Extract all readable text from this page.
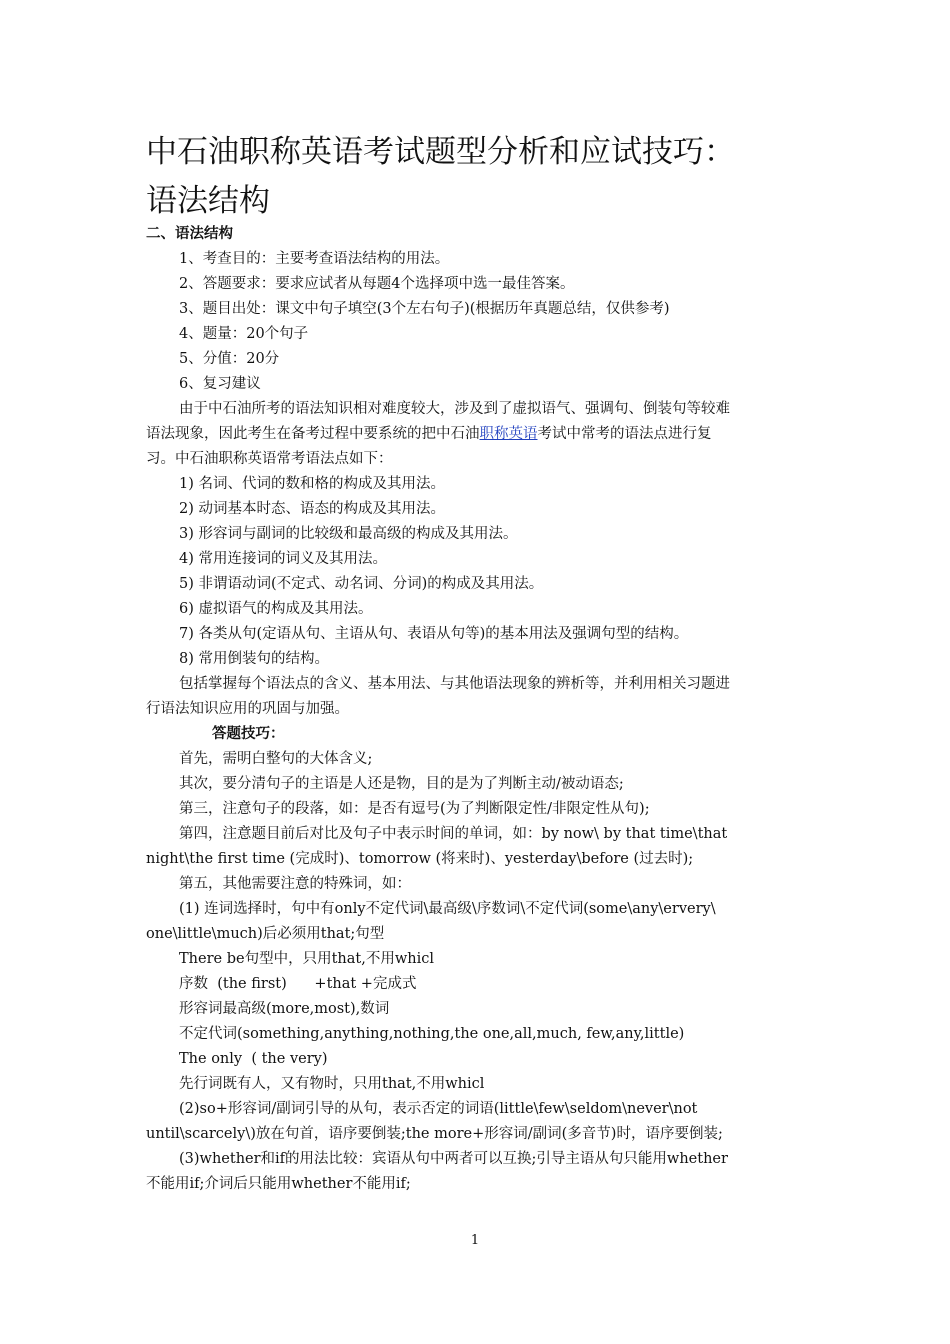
中石油职称英语考试题型分析和应试技巧：
语法结构
二、语法结构
1、考查目的：主要考查语法结构的用法。
2、答题要求：要求应试者从每题4个选择项中选一最佳答案。
3、题目出处：课文中句子填空(3个左右句子)(根据历年真题总结，仅供参考)
4、题量：20个句子
5、分值：20分
6、复习建议
由于中石油所考的语法知识相对难度较大，涉及到了虚拟语气、强调句、倒装句等较难
语法现象，因此考生在备考过程中要系统的把中石油职称英语考试中常考的语法点进行复
习。中石油职称英语常考语法点如下：
1) 名词、代词的数和格的构成及其用法。
2) 动词基本时态、语态的构成及其用法。
3) 形容词与副词的比较级和最高级的构成及其用法。
4) 常用连接词的词义及其用法。
5) 非谓语动词(不定式、动名词、分词)的构成及其用法。
6) 虚拟语气的构成及其用法。
7) 各类从句(定语从句、主语从句、表语从句等)的基本用法及强调句型的结构。
8) 常用倒装句的结构。
包括掌握每个语法点的含义、基本用法、与其他语法现象的辨析等，并利用相关习题进
行语法知识应用的巩固与加强。
答题技巧：
首先，需明白整句的大体含义;
其次，要分清句子的主语是人还是物，目的是为了判断主动/被动语态;
第三，注意句子的段落，如：是否有逗号(为了判断限定性/非限定性从句);
第四，注意题目前后对比及句子中表示时间的单词，如：by now\ by that time\that
night\the first time (完成时)、tomorrow (将来时)、yesterday\before (过去时);
第五，其他需要注意的特殊词，如：
(1) 连词选择时，句中有only不定代词\最高级\序数词\不定代词(some\any\ervery\
one\little\much)后必须用that;句型
There be句型中，只用that,不用whicl
序数  (the first)      +that +完成式
形容词最高级(more,most),数词
不定代词(something,anything,nothing,the one,all,much, few,any,little)
The only  ( the very)
先行词既有人，又有物时，只用that,不用whicl
(2)so+形容词/副词引导的从句，表示否定的词语(little\few\seldom\never\not
until\scarcely\)放在句首，语序要倒装;the more+形容词/副词(多音节)时，语序要倒装;
(3)whether和if的用法比较：宾语从句中两者可以互换;引导主语从句只能用whether
不能用if;介词后只能用whether不能用if;
1
